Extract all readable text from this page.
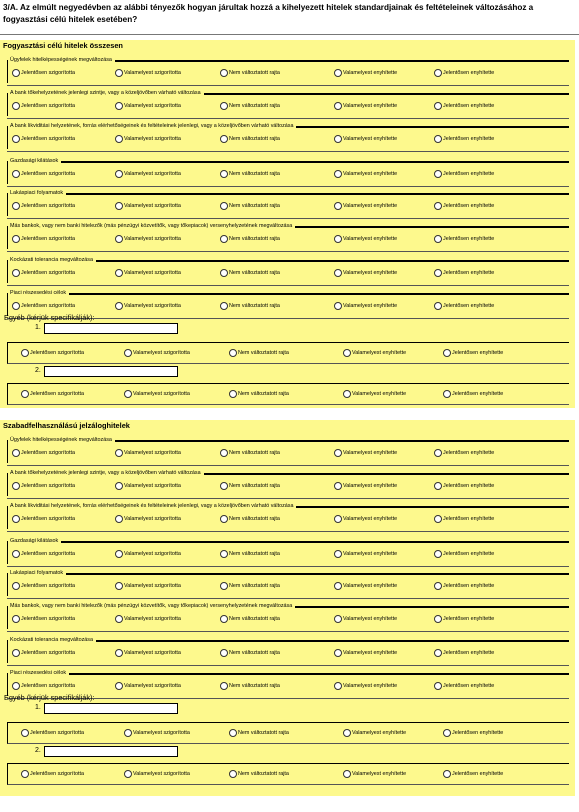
3/A. Az elmúlt negyedévben az alábbi tényezők hogyan járultak hozzá a kihelyezett hitelek standardjainak és feltételeinek változásához a fogyasztási célú hitelek esetében?
Fogyasztási célú hitelek összesen
Ügyfelek hitelképességének megváltozása
Jelentősen szigorította	Valamelyest szigorította	Nem változtatott rajta	Valamelyest enyhítette	Jelentősen enyhítette
A bank tőkehelyzetének jelenlegi szintje, vagy a közeljövőben várható változása
Jelentősen szigorította	Valamelyest szigorította	Nem változtatott rajta	Valamelyest enyhítette	Jelentősen enyhítette
A bank likviditási helyzetének, forrás elérhetőségeinek és feltételeinek jelenlegi, vagy a közeljövőben várható változása
Jelentősen szigorította	Valamelyest szigorította	Nem változtatott rajta	Valamelyest enyhítette	Jelentősen enyhítette
Gazdasági kilátások
Jelentősen szigorította	Valamelyest szigorította	Nem változtatott rajta	Valamelyest enyhítette	Jelentősen enyhítette
Lakáspiaci folyamatok
Jelentősen szigorította	Valamelyest szigorította	Nem változtatott rajta	Valamelyest enyhítette	Jelentősen enyhítette
Más bankok, vagy nem banki hitelezők (más pénzügyi közvetítők, vagy tőkepiacok) versenyhelyzetének megváltozása
Jelentősen szigorította	Valamelyest szigorította	Nem változtatott rajta	Valamelyest enyhítette	Jelentősen enyhítette
Kockázati tolerancia megváltozása
Jelentősen szigorította	Valamelyest szigorította	Nem változtatott rajta	Valamelyest enyhítette	Jelentősen enyhítette
Piaci részesedési célok
Jelentősen szigorította	Valamelyest szigorította	Nem változtatott rajta	Valamelyest enyhítette	Jelentősen enyhítette
Egyéb (kérjük specifikálják):
1.
Jelentősen szigorította	Valamelyest szigorította	Nem változtatott rajta	Valamelyest enyhítette	Jelentősen enyhítette
2.
Jelentősen szigorította	Valamelyest szigorította	Nem változtatott rajta	Valamelyest enyhítette	Jelentősen enyhítette
Szabadfelhasználású jelzáloghitelek
Ügyfelek hitelképességének megváltozása
Jelentősen szigorította	Valamelyest szigorította	Nem változtatott rajta	Valamelyest enyhítette	Jelentősen enyhítette
A bank tőkehelyzetének jelenlegi szintje, vagy a közeljövőben várható változása
Jelentősen szigorította	Valamelyest szigorította	Nem változtatott rajta	Valamelyest enyhítette	Jelentősen enyhítette
A bank likviditási helyzetének, forrás elérhetőségeinek és feltételeinek jelenlegi, vagy a közeljövőben várható változása
Jelentősen szigorította	Valamelyest szigorította	Nem változtatott rajta	Valamelyest enyhítette	Jelentősen enyhítette
Gazdasági kilátások
Jelentősen szigorította	Valamelyest szigorította	Nem változtatott rajta	Valamelyest enyhítette	Jelentősen enyhítette
Lakáspiaci folyamatok
Jelentősen szigorította	Valamelyest szigorította	Nem változtatott rajta	Valamelyest enyhítette	Jelentősen enyhítette
Más bankok, vagy nem banki hitelezők (más pénzügyi közvetítők, vagy tőkepiacok) versenyhelyzetének megváltozása
Jelentősen szigorította	Valamelyest szigorította	Nem változtatott rajta	Valamelyest enyhítette	Jelentősen enyhítette
Kockázati tolerancia megváltozása
Jelentősen szigorította	Valamelyest szigorította	Nem változtatott rajta	Valamelyest enyhítette	Jelentősen enyhítette
Piaci részesedési célok
Jelentősen szigorította	Valamelyest szigorította	Nem változtatott rajta	Valamelyest enyhítette	Jelentősen enyhítette
Egyéb (kérjük specifikálják):
1.
Jelentősen szigorította	Valamelyest szigorította	Nem változtatott rajta	Valamelyest enyhítette	Jelentősen enyhítette
2.
Jelentősen szigorította	Valamelyest szigorította	Nem változtatott rajta	Valamelyest enyhítette	Jelentősen enyhítette
